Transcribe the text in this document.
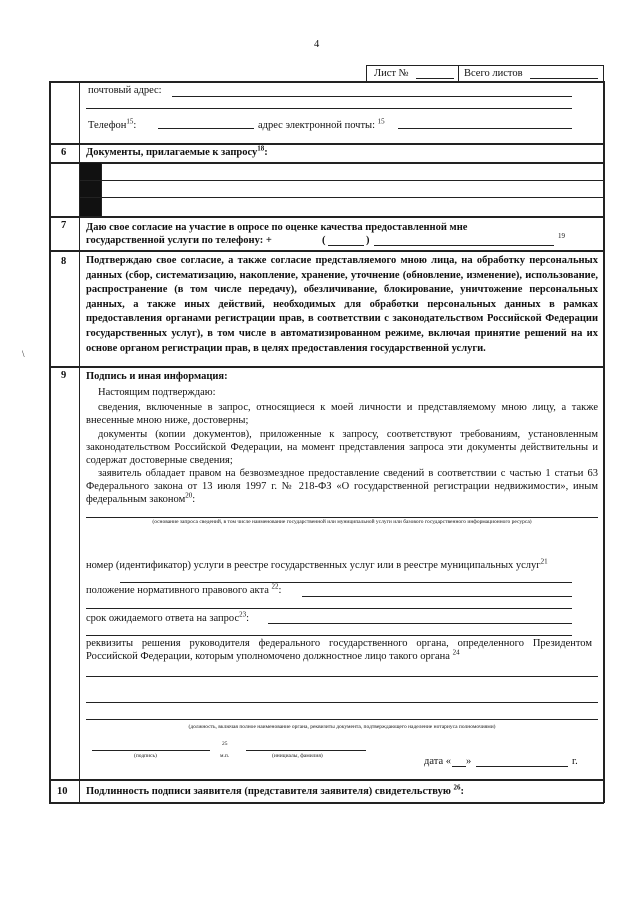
4
Лист №	Всего листов
почтовый адрес:
Телефон$^{15}$:	адрес электронной почты: $^{15}$
6 Документы, прилагаемые к запросу$^{18}$:
7 Даю свое согласие на участие в опросе по оценке качества предоставленной мне
государственной услуги по телефону: +	(	)	19
8 Подтверждаю свое согласие, а также согласие представляемого мною лица, на обработку персональных данных (сбор, систематизацию, накопление, хранение, уточнение (обновление, изменение), использование, распространение (в том числе передачу), обезличивание, блокирование, уничтожение персональных данных, а также иных действий, необходимых для обработки персональных данных в рамках предоставления органами регистрации прав, в соответствии с законодательством Российской Федерации государственных услуг), в том числе в автоматизированном режиме, включая принятие решений на их основе органом регистрации прав, в целях предоставления государственной услуги.
\
9 Подпись и иная информация:
Настоящим подтверждаю:
сведения, включенные в запрос, относящиеся к моей личности и представляемому мною лицу, а также внесенные мною ниже, достоверны;
документы (копии документов), приложенные к запросу, соответствуют требованиям, установленным законодательством Российской Федерации, на момент представления запроса эти документы действительны и содержат достоверные сведения;
заявитель обладает правом на безвозмездное предоставление сведений в соответствии с частью 1 статьи 63 Федерального закона от 13 июля 1997 г. № 218-ФЗ «О государственной регистрации недвижимости», иным федеральным законом$^{20}$:
(основание запроса сведений, в том числе наименование государственной или муниципальной услуги или базового государственного информационного ресурса)
номер (идентификатор) услуги в реестре государственных услуг или в реестре муниципальных услуг$^{21}$
положение нормативного правового акта $^{22}$:
срок ожидаемого ответа на запрос$^{23}$:
реквизиты решения руководителя федерального государственного органа, определенного Президентом Российской Федерации, которым уполномочено должностное лицо такого органа $^{24}$
(должность, включая полное наименование органа, реквизиты документа, подтверждающего наделение нотариуса полномочиями)
25
(подпись)	м.п.	(инициалы, фамилия)	дата « »	г.
10 Подлинность подписи заявителя (представителя заявителя) свидетельствую $^{26}$:
